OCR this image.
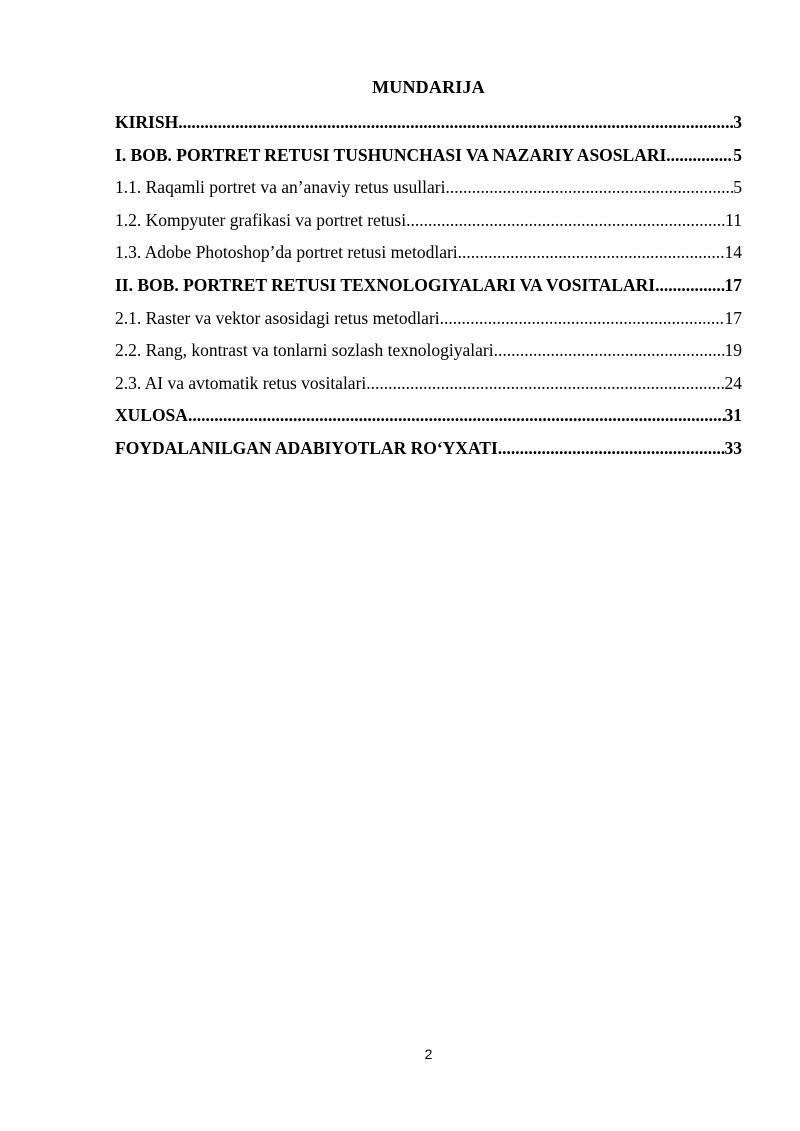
MUNDARIJA
KIRISH .....	3
I. BOB. PORTRET RETUSI TUSHUNCHASI VA NAZARIY ASOSLARI .....	5
1.1. Raqamli portret va an’anaviy retus usullari .....	5
1.2. Kompyuter grafikasi va portret retusi .....	11
1.3. Adobe Photoshop’da portret retusi metodlari .....	14
II. BOB. PORTRET RETUSI TEXNOLOGIYALARI VA VOSITALARI .....	17
2.1. Raster va vektor asosidagi retus metodlari .....	17
2.2. Rang, kontrast va tonlarni sozlash texnologiyalari .....	19
2.3. AI va avtomatik retus vositalari .....	24
XULOSA .....	31
FOYDALANILGAN ADABIYOTLAR RO‘YXATI .....	33
2
